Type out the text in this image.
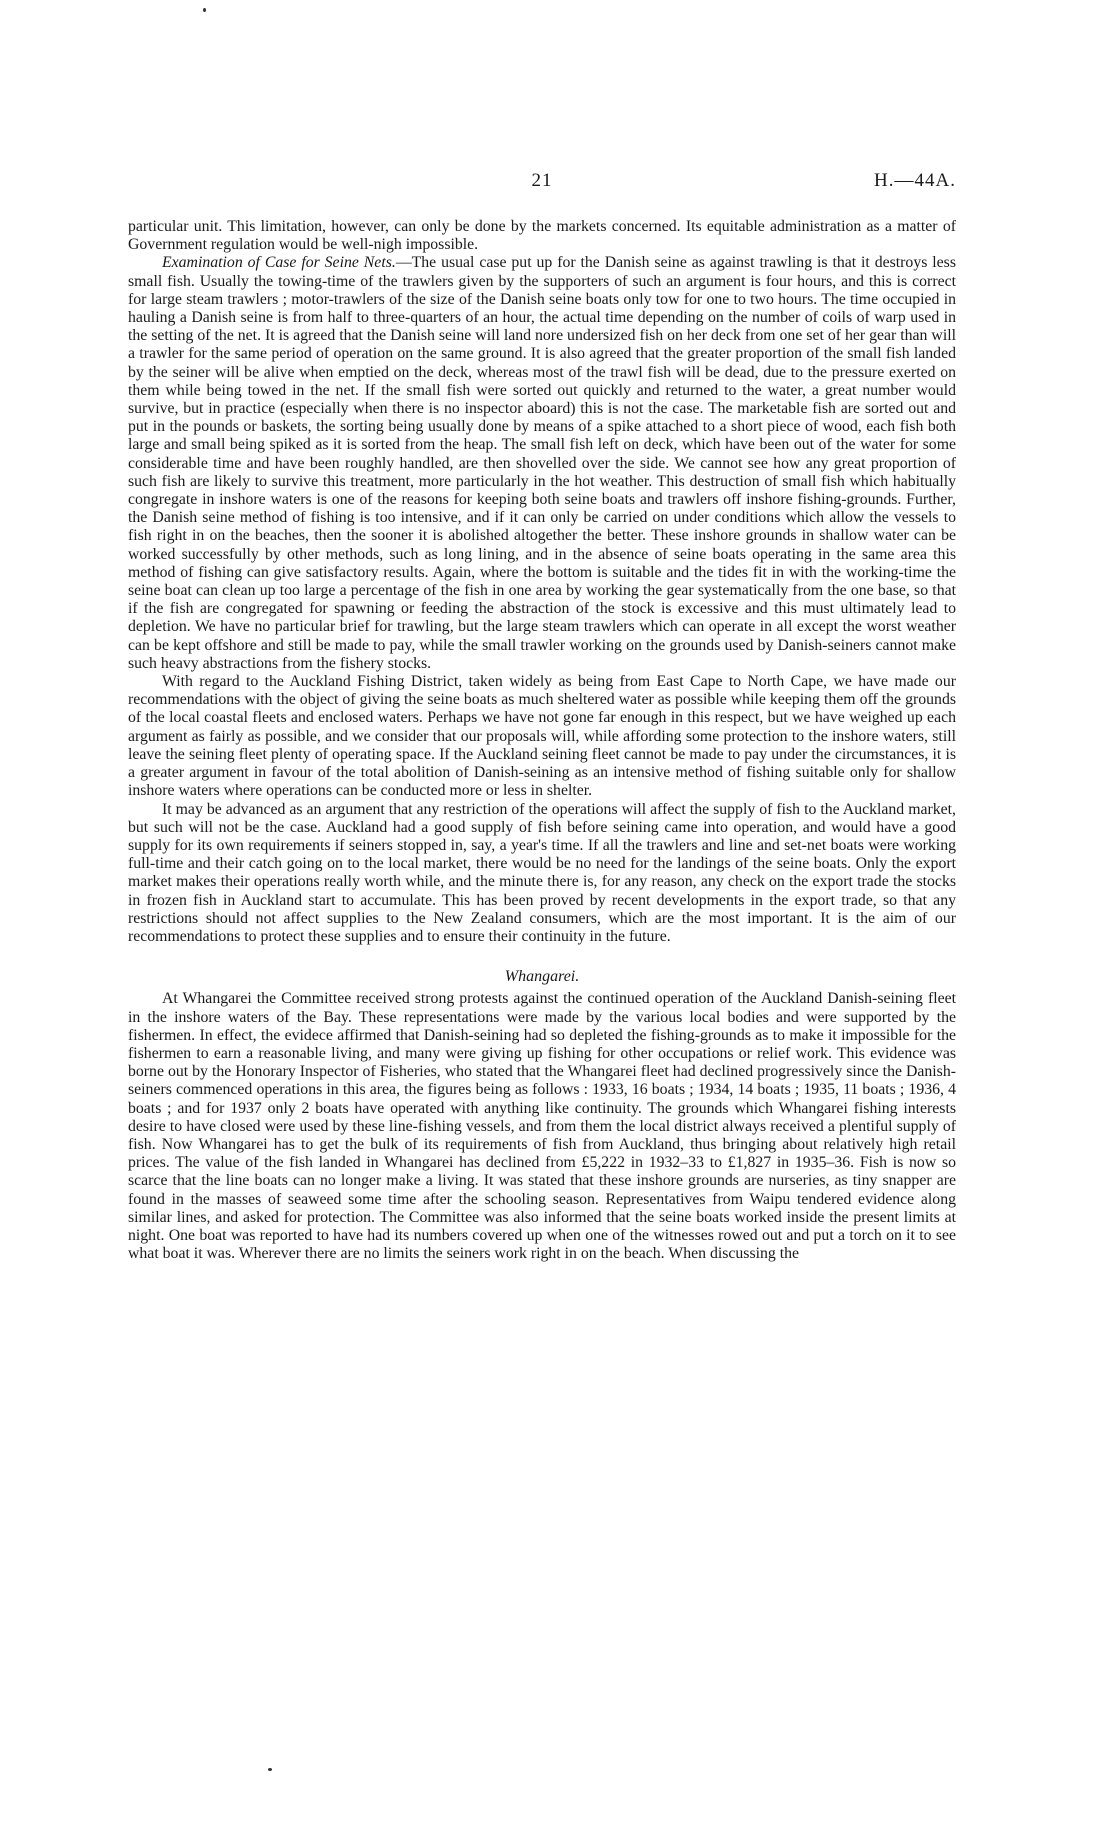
21	H.—44A.

particular unit. This limitation, however, can only be done by the markets concerned. Its equitable administration as a matter of Government regulation would be well-nigh impossible.

Examination of Case for Seine Nets.—The usual case put up for the Danish seine as against trawling is that it destroys less small fish. Usually the towing-time of the trawlers given by the supporters of such an argument is four hours, and this is correct for large steam trawlers ; motor-trawlers of the size of the Danish seine boats only tow for one to two hours. The time occupied in hauling a Danish seine is from half to three-quarters of an hour, the actual time depending on the number of coils of warp used in the setting of the net. It is agreed that the Danish seine will land nore undersized fish on her deck from one set of her gear than will a trawler for the same period of operation on the same ground. It is also agreed that the greater proportion of the small fish landed by the seiner will be alive when emptied on the deck, whereas most of the trawl fish will be dead, due to the pressure exerted on them while being towed in the net. If the small fish were sorted out quickly and returned to the water, a great number would survive, but in practice (especially when there is no inspector aboard) this is not the case. The marketable fish are sorted out and put in the pounds or baskets, the sorting being usually done by means of a spike attached to a short piece of wood, each fish both large and small being spiked as it is sorted from the heap. The small fish left on deck, which have been out of the water for some considerable time and have been roughly handled, are then shovelled over the side. We cannot see how any great proportion of such fish are likely to survive this treatment, more particularly in the hot weather. This destruction of small fish which habitually congregate in inshore waters is one of the reasons for keeping both seine boats and trawlers off inshore fishing-grounds. Further, the Danish seine method of fishing is too intensive, and if it can only be carried on under conditions which allow the vessels to fish right in on the beaches, then the sooner it is abolished altogether the better. These inshore grounds in shallow water can be worked successfully by other methods, such as long lining, and in the absence of seine boats operating in the same area this method of fishing can give satisfactory results. Again, where the bottom is suitable and the tides fit in with the working-time the seine boat can clean up too large a percentage of the fish in one area by working the gear systematically from the one base, so that if the fish are congregated for spawning or feeding the abstraction of the stock is excessive and this must ultimately lead to depletion. We have no particular brief for trawling, but the large steam trawlers which can operate in all except the worst weather can be kept offshore and still be made to pay, while the small trawler working on the grounds used by Danish-seiners cannot make such heavy abstractions from the fishery stocks.

With regard to the Auckland Fishing District, taken widely as being from East Cape to North Cape, we have made our recommendations with the object of giving the seine boats as much sheltered water as possible while keeping them off the grounds of the local coastal fleets and enclosed waters. Perhaps we have not gone far enough in this respect, but we have weighed up each argument as fairly as possible, and we consider that our proposals will, while affording some protection to the inshore waters, still leave the seining fleet plenty of operating space. If the Auckland seining fleet cannot be made to pay under the circumstances, it is a greater argument in favour of the total abolition of Danish-seining as an intensive method of fishing suitable only for shallow inshore waters where operations can be conducted more or less in shelter.

It may be advanced as an argument that any restriction of the operations will affect the supply of fish to the Auckland market, but such will not be the case. Auckland had a good supply of fish before seining came into operation, and would have a good supply for its own requirements if seiners stopped in, say, a year's time. If all the trawlers and line and set-net boats were working full-time and their catch going on to the local market, there would be no need for the landings of the seine boats. Only the export market makes their operations really worth while, and the minute there is, for any reason, any check on the export trade the stocks in frozen fish in Auckland start to accumulate. This has been proved by recent developments in the export trade, so that any restrictions should not affect supplies to the New Zealand consumers, which are the most important. It is the aim of our recommendations to protect these supplies and to ensure their continuity in the future.

Whangarei.

At Whangarei the Committee received strong protests against the continued operation of the Auckland Danish-seining fleet in the inshore waters of the Bay. These representations were made by the various local bodies and were supported by the fishermen. In effect, the evidece affirmed that Danish-seining had so depleted the fishing-grounds as to make it impossible for the fishermen to earn a reasonable living, and many were giving up fishing for other occupations or relief work. This evidence was borne out by the Honorary Inspector of Fisheries, who stated that the Whangarei fleet had declined progressively since the Danish-seiners commenced operations in this area, the figures being as follows : 1933, 16 boats ; 1934, 14 boats ; 1935, 11 boats ; 1936, 4 boats ; and for 1937 only 2 boats have operated with anything like continuity. The grounds which Whangarei fishing interests desire to have closed were used by these line-fishing vessels, and from them the local district always received a plentiful supply of fish. Now Whangarei has to get the bulk of its requirements of fish from Auckland, thus bringing about relatively high retail prices. The value of the fish landed in Whangarei has declined from £5,222 in 1932–33 to £1,827 in 1935–36. Fish is now so scarce that the line boats can no longer make a living. It was stated that these inshore grounds are nurseries, as tiny snapper are found in the masses of seaweed some time after the schooling season. Representatives from Waipu tendered evidence along similar lines, and asked for protection. The Committee was also informed that the seine boats worked inside the present limits at night. One boat was reported to have had its numbers covered up when one of the witnesses rowed out and put a torch on it to see what boat it was. Wherever there are no limits the seiners work right in on the beach. When discussing the
